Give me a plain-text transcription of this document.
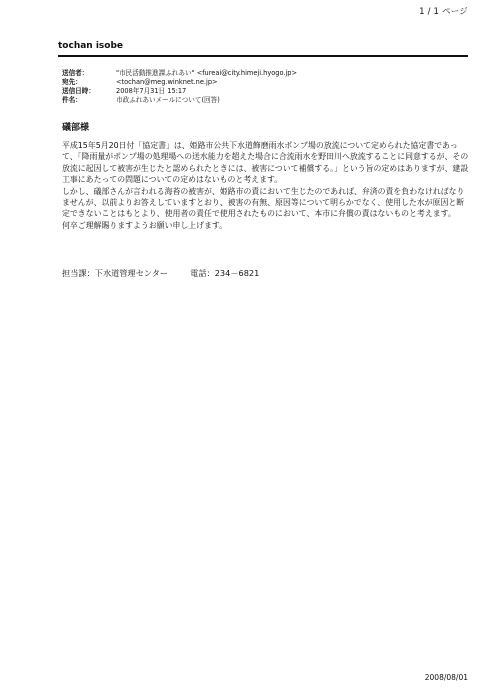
1 / 1 ページ
tochan isobe
送信者：	"市民活動推進課ふれあい" <fureai@city.himeji.hyogo.jp>
宛先：	<tochan@meg.winknet.ne.jp>
送信日時：	2008年7月31日 15:17
件名：	市政ふれあいメールについて(回答)
礒部様

平成15年5月20日付「協定書」は、姫路市公共下水道飾磨雨水ポンプ場の放流について定められた協定書であって、「降雨量がポンプ場の処理場への送水能力を超えた場合に合流雨水を野田川へ放流することに同意するが、その放流に起因して被害が生じたと認められたときには、被害について補償する。」という旨の定めはありますが、建設工事にあたっての問題についての定めはないものと考えます。

しかし、礒部さんが言われる海苔の被害が、姫路市の責において生じたのであれば、弁済の責を負わなければなりませんが、以前よりお答えしていますとおり、被害の有無、原因等について明らかでなく、使用した水が原因と断定できないことはもとより、使用者の責任で使用されたものにおいて、本市に弁償の責はないものと考えます。

何卒ご理解賜りますようお願い申し上げます。

担当課：下水道管理センター	電話：234－6821
2008/08/01
